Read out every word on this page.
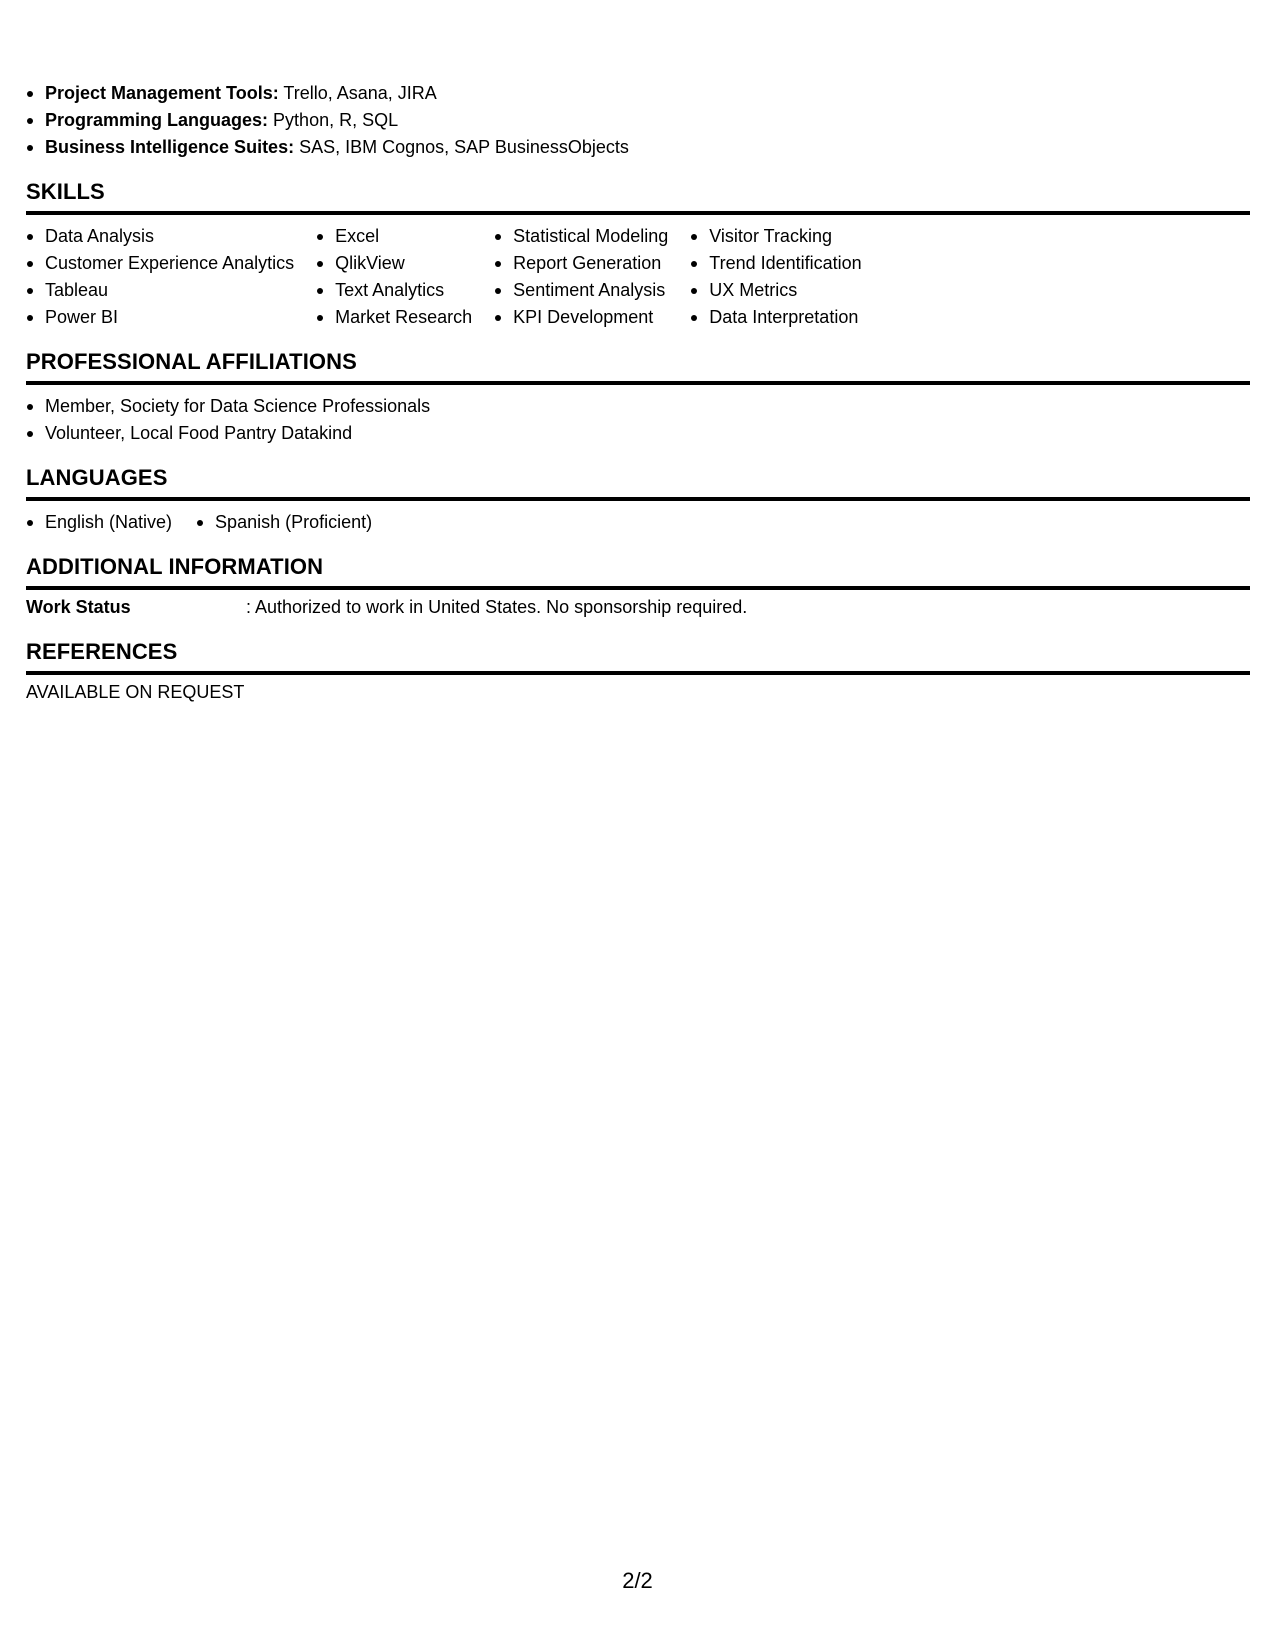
Project Management Tools: Trello, Asana, JIRA
Programming Languages: Python, R, SQL
Business Intelligence Suites: SAS, IBM Cognos, SAP BusinessObjects
SKILLS
Data Analysis
Customer Experience Analytics
Tableau
Power BI
Excel
QlikView
Text Analytics
Market Research
Statistical Modeling
Report Generation
Sentiment Analysis
KPI Development
Visitor Tracking
Trend Identification
UX Metrics
Data Interpretation
PROFESSIONAL AFFILIATIONS
Member, Society for Data Science Professionals
Volunteer, Local Food Pantry Datakind
LANGUAGES
English (Native)	Spanish (Proficient)
ADDITIONAL INFORMATION
Work Status	: Authorized to work in United States. No sponsorship required.
REFERENCES
AVAILABLE ON REQUEST
2/2
